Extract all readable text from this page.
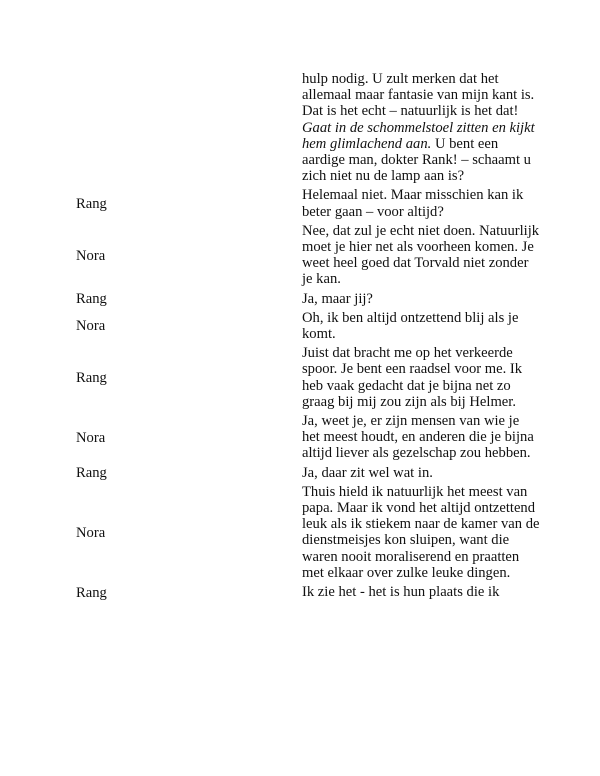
	hulp nodig. U zult merken dat het allemaal maar fantasie van mijn kant is. Dat is het echt – natuurlijk is het dat! Gaat in de schommelstoel zitten en kijkt hem glimlachend aan. U bent een aardige man, dokter Rank! – schaamt u zich niet nu de lamp aan is?
Rang	Helemaal niet. Maar misschien kan ik beter gaan – voor altijd?
Nora	Nee, dat zul je echt niet doen. Natuurlijk moet je hier net als voorheen komen. Je weet heel goed dat Torvald niet zonder je kan.
Rang	Ja, maar jij?
Nora	Oh, ik ben altijd ontzettend blij als je komt.
Rang	Juist dat bracht me op het verkeerde spoor. Je bent een raadsel voor me. Ik heb vaak gedacht dat je bijna net zo graag bij mij zou zijn als bij Helmer.
Nora	Ja, weet je, er zijn mensen van wie je het meest houdt, en anderen die je bijna altijd liever als gezelschap zou hebben.
Rang	Ja, daar zit wel wat in.
Nora	Thuis hield ik natuurlijk het meest van papa. Maar ik vond het altijd ontzettend leuk als ik stiekem naar de kamer van de dienstmeisjes kon sluipen, want die waren nooit moraliserend en praatten met elkaar over zulke leuke dingen.
Rang	Ik zie het - het is hun plaats die ik
